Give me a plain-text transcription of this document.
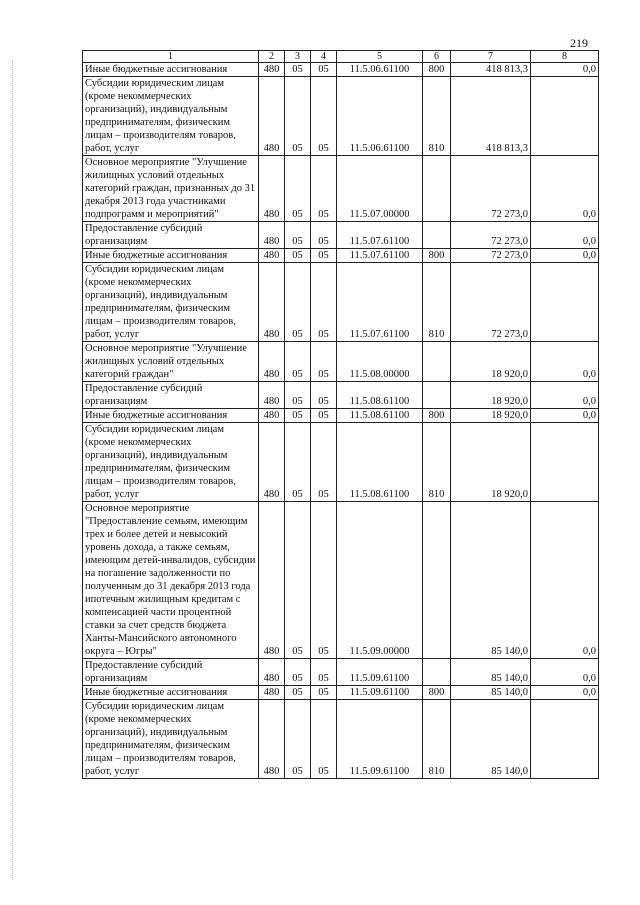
219
1	2	3	4	5	6	7	8
Иные бюджетные ассигнования	480	05	05	11.5.06.61100	800	418 813,3	0,0
Субсидии юридическим лицам (кроме некоммерческих организаций), индивидуальным предпринимателям, физическим лицам – производителям товаров, работ, услуг	480	05	05	11.5.06.61100	810	418 813,3	
Основное мероприятие "Улучшение жилищных условий отдельных категорий граждан, признанных до 31 декабря 2013 года участниками подпрограмм и мероприятий"	480	05	05	11.5.07.00000		72 273,0	0,0
Предоставление субсидий организациям	480	05	05	11.5.07.61100		72 273,0	0,0
Иные бюджетные ассигнования	480	05	05	11.5.07.61100	800	72 273,0	0,0
Субсидии юридическим лицам (кроме некоммерческих организаций), индивидуальным предпринимателям, физическим лицам – производителям товаров, работ, услуг	480	05	05	11.5.07.61100	810	72 273,0	
Основное мероприятие "Улучшение жилищных условий отдельных категорий граждан"	480	05	05	11.5.08.00000		18 920,0	0,0
Предоставление субсидий организациям	480	05	05	11.5.08.61100		18 920,0	0,0
Иные бюджетные ассигнования	480	05	05	11.5.08.61100	800	18 920,0	0,0
Субсидии юридическим лицам (кроме некоммерческих организаций), индивидуальным предпринимателям, физическим лицам – производителям товаров, работ, услуг	480	05	05	11.5.08.61100	810	18 920,0	
Основное мероприятие "Предоставление семьям, имеющим трех и более детей и невысокий уровень дохода, а также семьям, имеющим детей-инвалидов, субсидии на погашение задолженности по полученным до 31 декабря 2013 года ипотечным жилищным кредитам с компенсацией части процентной ставки за счет средств бюджета Ханты-Мансийского автономного округа – Югры"	480	05	05	11.5.09.00000		85 140,0	0,0
Предоставление субсидий организациям	480	05	05	11.5.09.61100		85 140,0	0,0
Иные бюджетные ассигнования	480	05	05	11.5.09.61100	800	85 140,0	0,0
Субсидии юридическим лицам (кроме некоммерческих организаций), индивидуальным предпринимателям, физическим лицам – производителям товаров, работ, услуг	480	05	05	11.5.09.61100	810	85 140,0	
